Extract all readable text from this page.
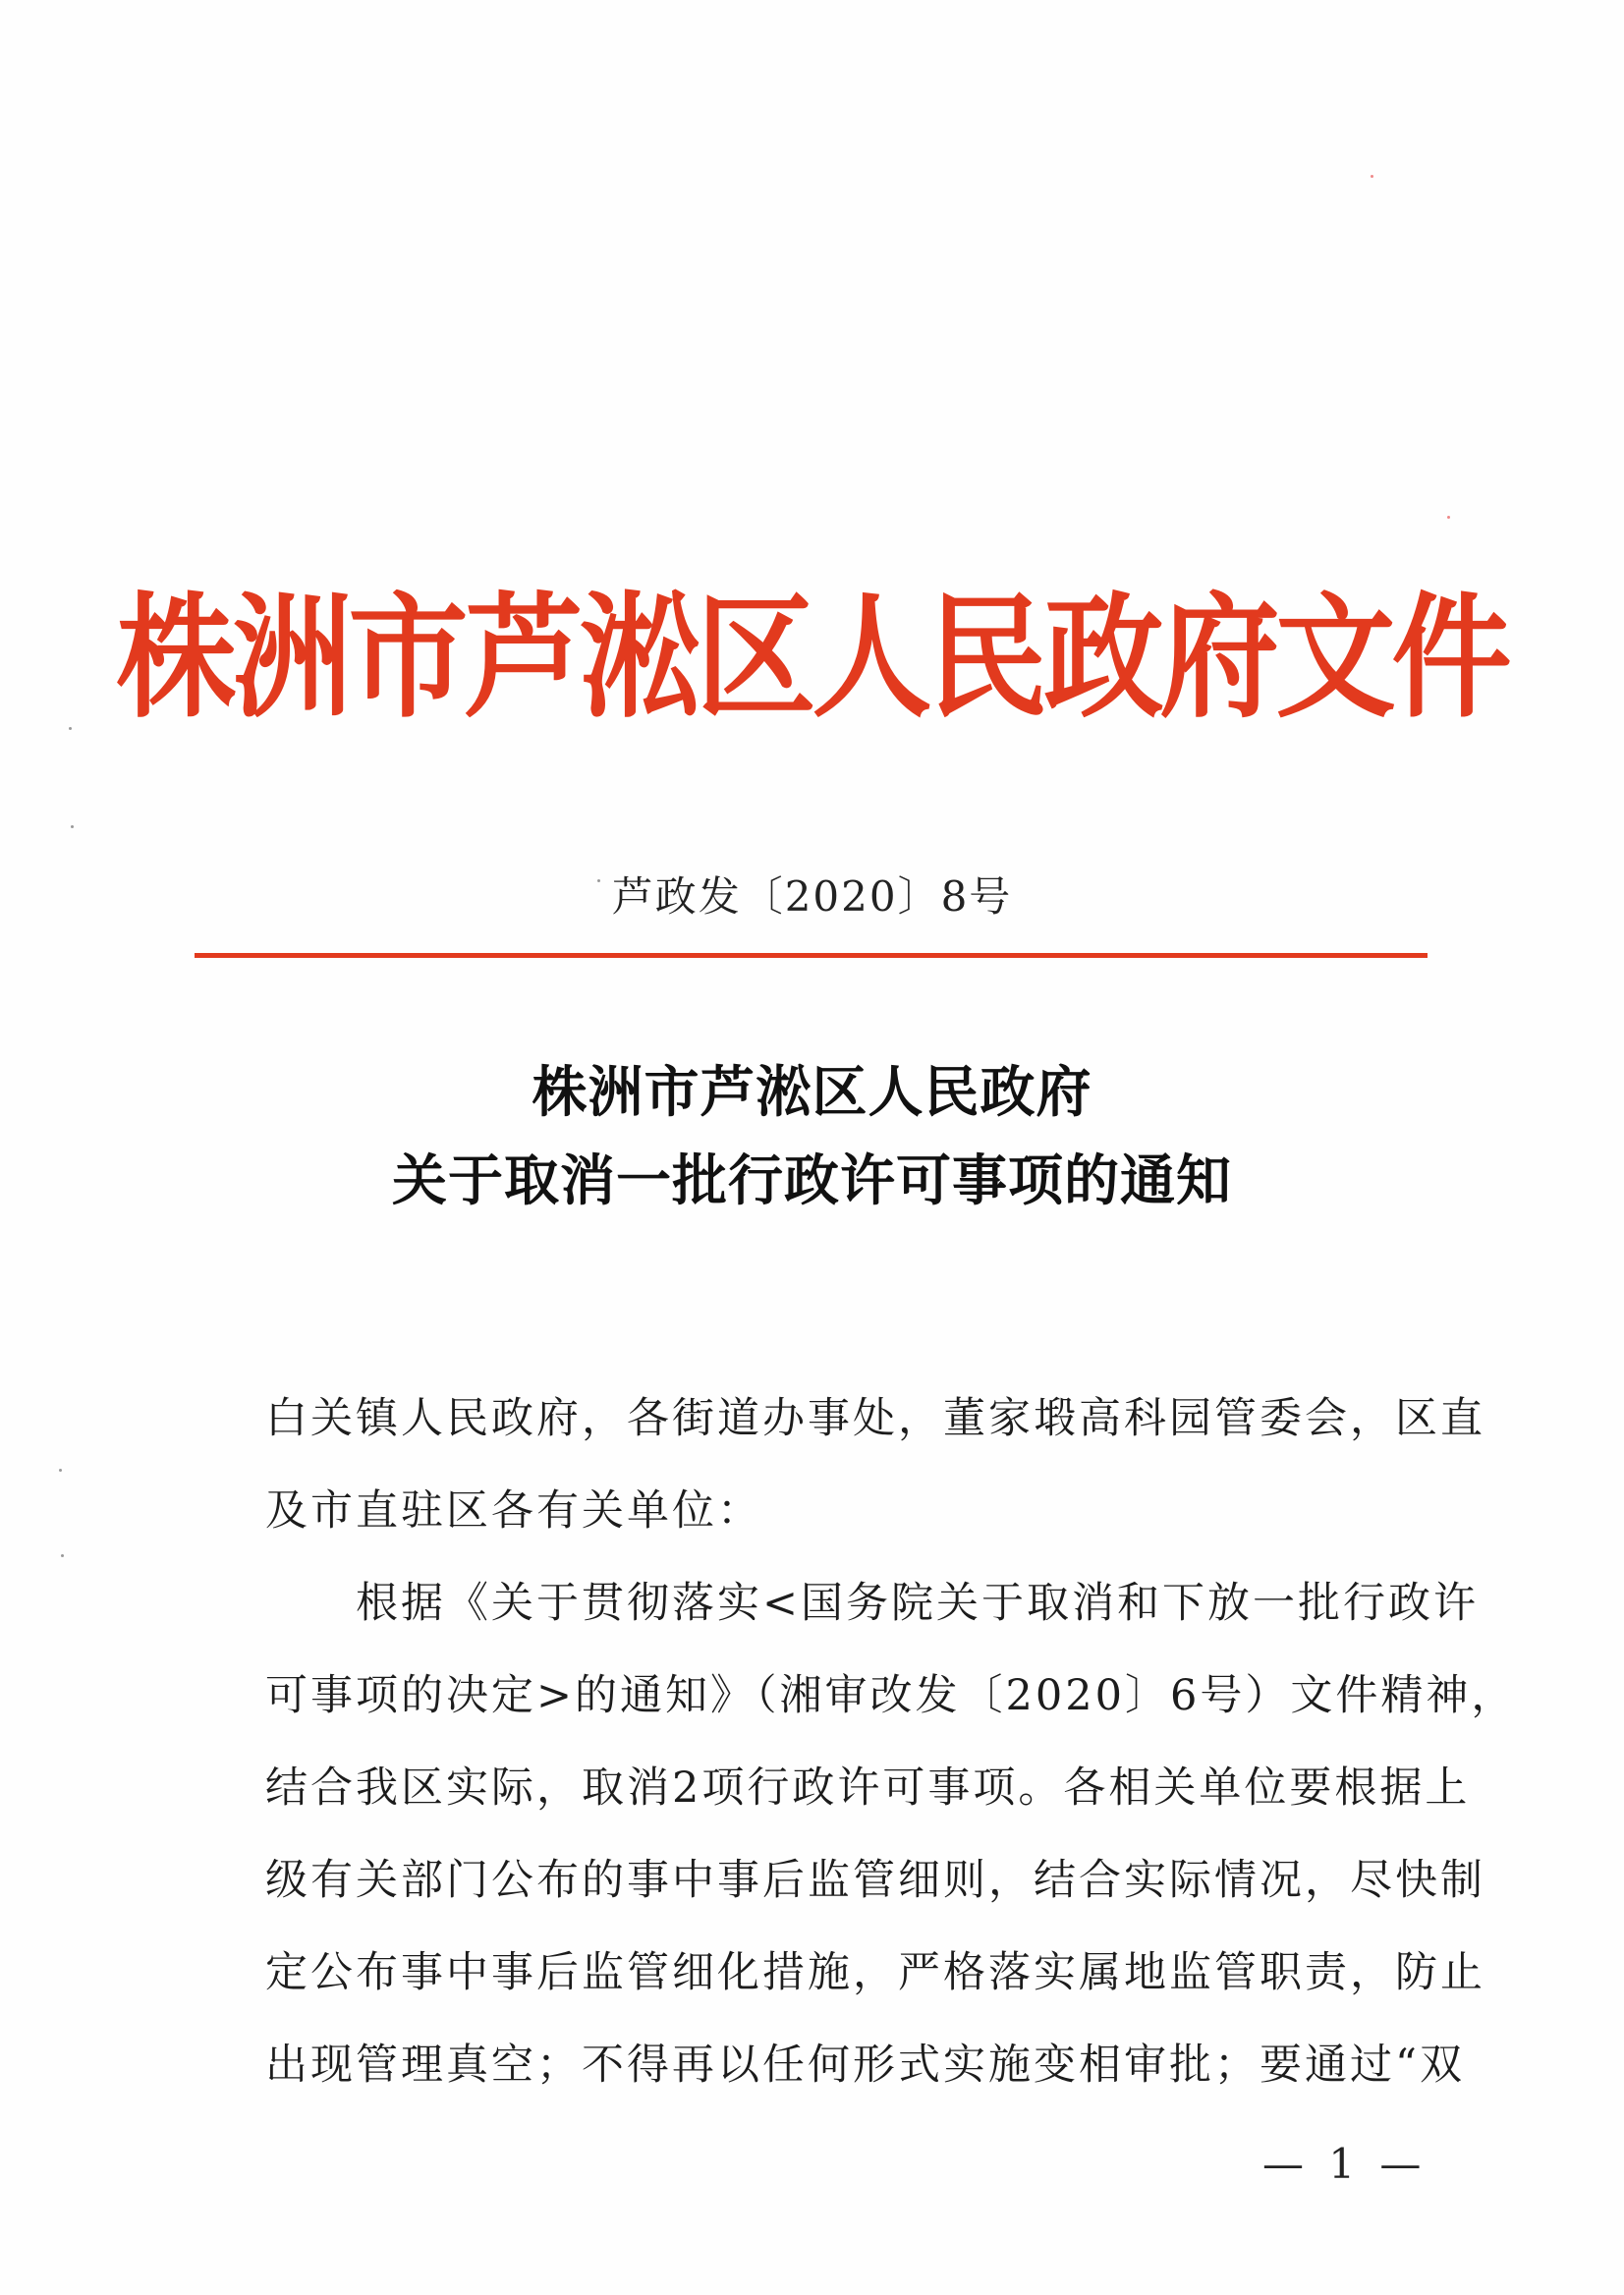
株洲市芦淞区人民政府文件
芦政发〔2020〕8号
株洲市芦淞区人民政府
关于取消一批行政许可事项的通知
白关镇人民政府，各街道办事处，董家塅高科园管委会，区直
及市直驻区各有关单位：
　　根据《关于贯彻落实<国务院关于取消和下放一批行政许
可事项的决定>的通知》（湘审改发〔2020〕6号）文件精神，
结合我区实际，取消2项行政许可事项。各相关单位要根据上
级有关部门公布的事中事后监管细则，结合实际情况，尽快制
定公布事中事后监管细化措施，严格落实属地监管职责，防止
出现管理真空；不得再以任何形式实施变相审批；要通过“双
— 1 —
